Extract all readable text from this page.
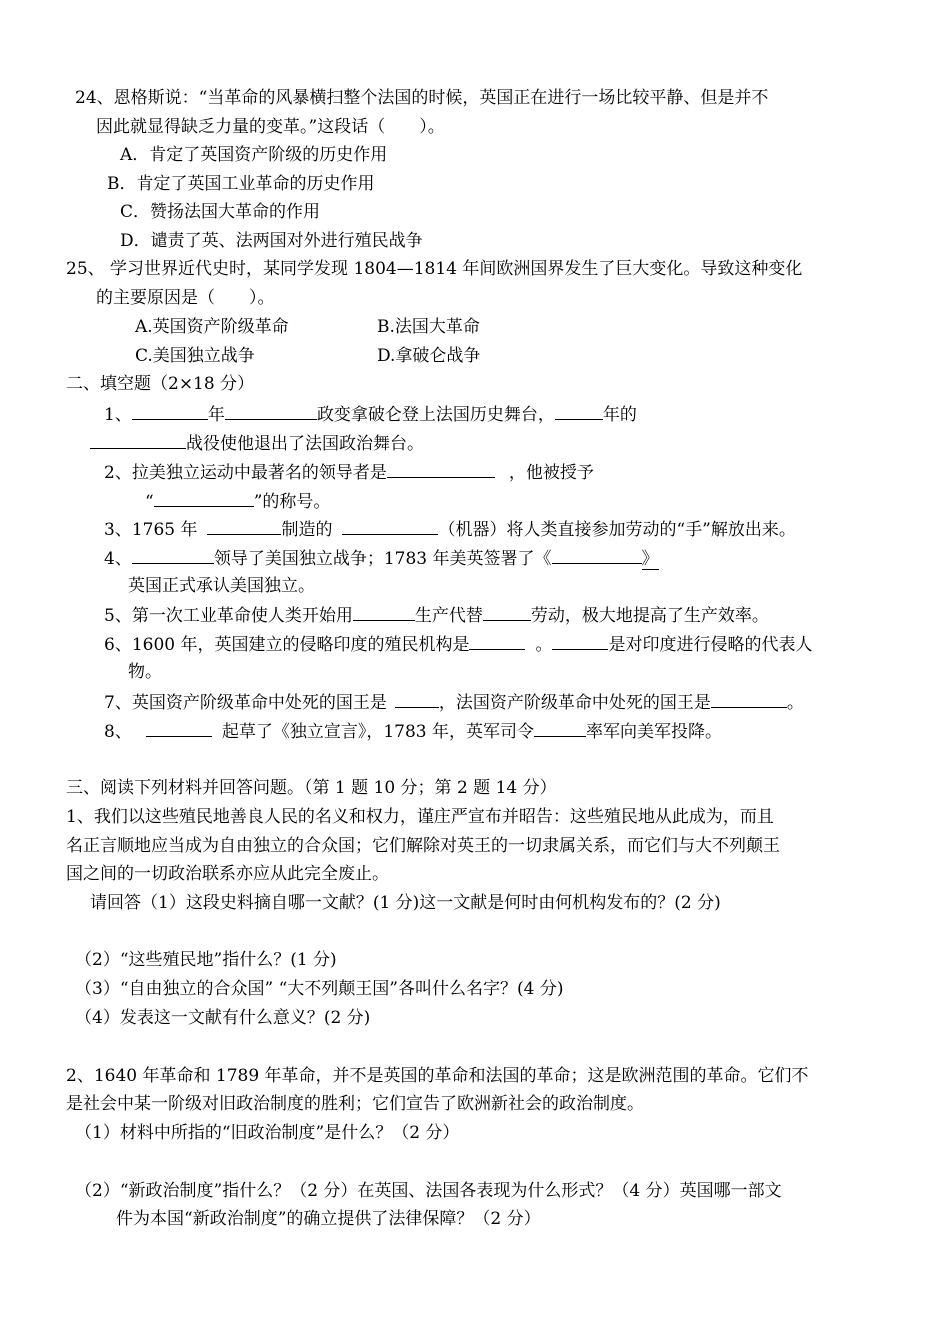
24、恩格斯说：“当革命的风暴横扫整个法国的时候，英国正在进行一场比较平静、但是并不
因此就显得缺乏力量的变革。”这段话（　　）。
A．肯定了英国资产阶级的历史作用
B．肯定了英国工业革命的历史作用
C．赞扬法国大革命的作用
D．谴责了英、法两国对外进行殖民战争
25、 学习世界近代史时，某同学发现 1804—1814 年间欧洲国界发生了巨大变化。导致这种变化
的主要原因是（　　）。
A.英国资产阶级革命	B.法国大革命
C.美国独立战争	D.拿破仑战争
二、填空题（2×18 分）
1、	年	政变拿破仑登上法国历史舞台，	年的
战役使他退出了法国政治舞台。
2、拉美独立运动中最著名的领导者是	，他被授予
“	”的称号。
3、1765 年	制造的	（机器）将人类直接参加劳动的“手”解放出来。
4、	领导了美国独立战争；1783 年美英签署了《	》
英国正式承认美国独立。
5、第一次工业革命使人类开始用	生产代替	劳动，极大地提高了生产效率。
6、1600 年，英国建立的侵略印度的殖民机构是	。	是对印度进行侵略的代表人
物。
7、英国资产阶级革命中处死的国王是	，法国资产阶级革命中处死的国王是	。
8、	起草了《独立宣言》，1783 年，英军司令	率军向美军投降。
三、阅读下列材料并回答问题。（第 1 题 10 分；第 2 题 14 分）
1、我们以这些殖民地善良人民的名义和权力，谨庄严宣布并昭告：这些殖民地从此成为，而且
名正言顺地应当成为自由独立的合众国；它们解除对英王的一切隶属关系，而它们与大不列颠王
国之间的一切政治联系亦应从此完全废止。
请回答（1）这段史料摘自哪一文献？(1 分)这一文献是何时由何机构发布的？(2 分)
（2）“这些殖民地”指什么？(1 分)
（3）“自由独立的合众国” “大不列颠王国”各叫什么名字？(4 分)
（4）发表这一文献有什么意义？(2 分)
2、1640 年革命和 1789 年革命，并不是英国的革命和法国的革命；这是欧洲范围的革命。它们不
是社会中某一阶级对旧政治制度的胜利；它们宣告了欧洲新社会的政治制度。
（1）材料中所指的“旧政治制度”是什么？（2 分）
（2）“新政治制度”指什么？（2 分）在英国、法国各表现为什么形式？（4 分）英国哪一部文
件为本国“新政治制度”的确立提供了法律保障？（2 分）
